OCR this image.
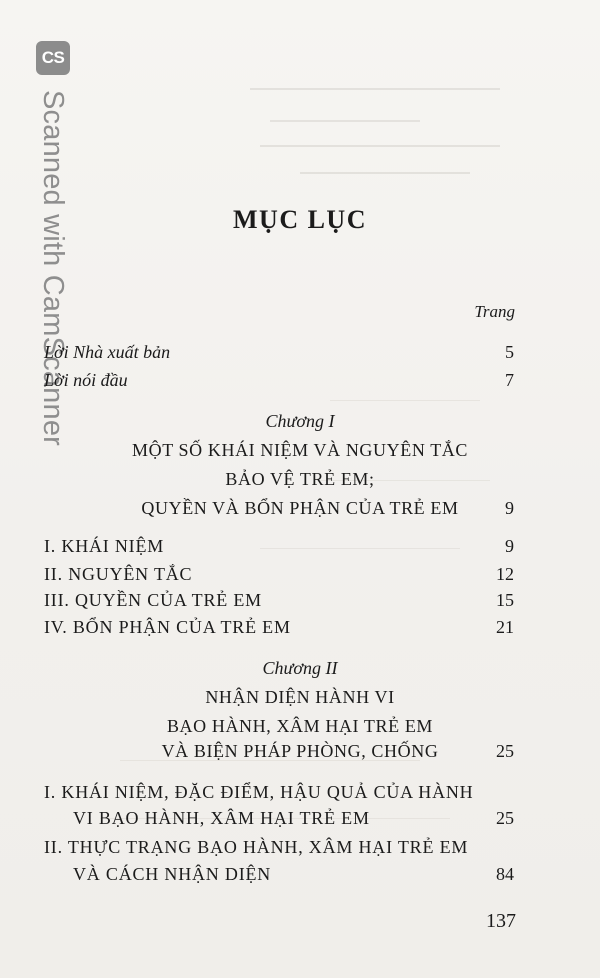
CS
Scanned with CamScanner	MỤC LỤC
Trang
Lời Nhà xuất bản	5
Lời nói đầu	7
Chương I
MỘT SỐ KHÁI NIỆM VÀ NGUYÊN TẮC
BẢO VỆ TRẺ EM;
QUYỀN VÀ BỔN PHẬN CỦA TRẺ EM	9
I. KHÁI NIỆM	9
II. NGUYÊN TẮC	12
III. QUYỀN CỦA TRẺ EM	15
IV. BỔN PHẬN CỦA TRẺ EM	21
Chương II
NHẬN DIỆN HÀNH VI
BẠO HÀNH, XÂM HẠI TRẺ EM
VÀ BIỆN PHÁP PHÒNG, CHỐNG	25
I. KHÁI NIỆM, ĐẶC ĐIỂM, HẬU QUẢ CỦA HÀNH
VI BẠO HÀNH, XÂM HẠI TRẺ EM	25
II. THỰC TRẠNG BẠO HÀNH, XÂM HẠI TRẺ EM
VÀ CÁCH NHẬN DIỆN	84
137
